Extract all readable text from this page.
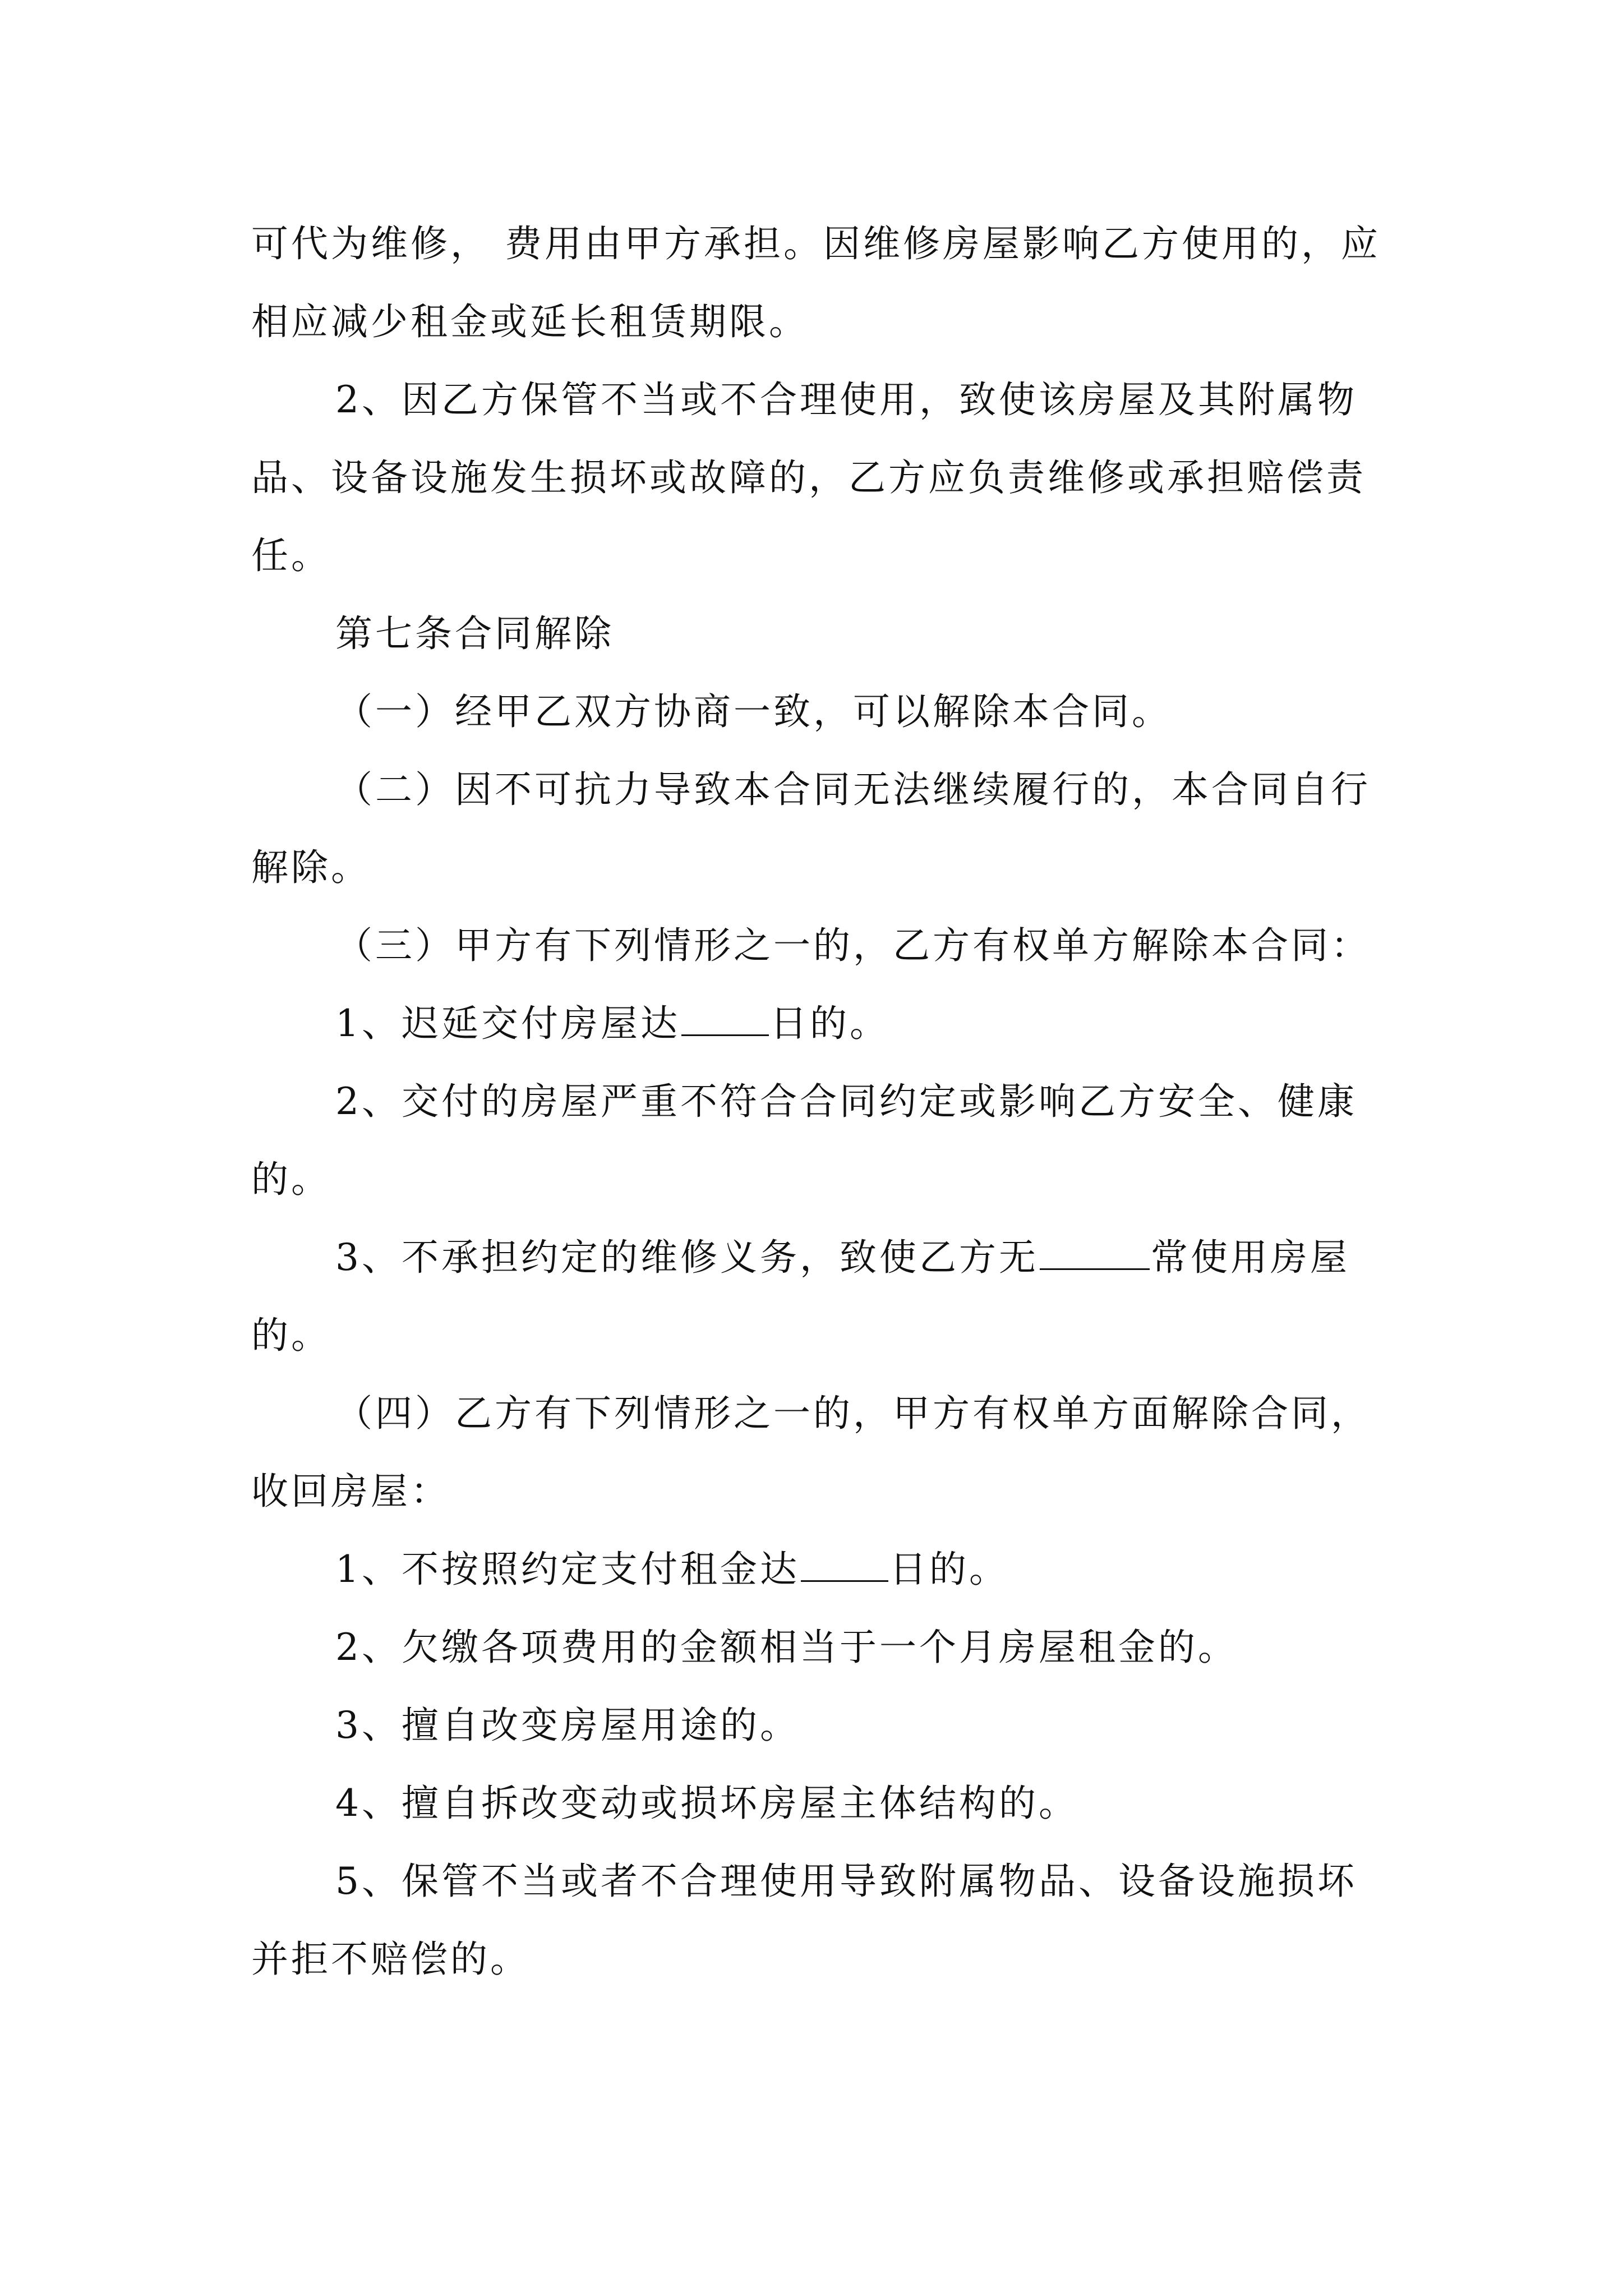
可代为维修， 费用由甲方承担。因维修房屋影响乙方使用的，应相应减少租金或延长租赁期限。

2、因乙方保管不当或不合理使用，致使该房屋及其附属物品、设备设施发生损坏或故障的，乙方应负责维修或承担赔偿责任。

第七条合同解除

（一）经甲乙双方协商一致，可以解除本合同。

（二）因不可抗力导致本合同无法继续履行的，本合同自行解除。

（三）甲方有下列情形之一的，乙方有权单方解除本合同：

1、迟延交付房屋达 日的。

2、交付的房屋严重不符合合同约定或影响乙方安全、健康的。

3、不承担约定的维修义务，致使乙方无	常使用房屋的。

（四）乙方有下列情形之一的，甲方有权单方面解除合同，收回房屋：

1、不按照约定支付租金达 日的。

2、欠缴各项费用的金额相当于一个月房屋租金的。

3、擅自改变房屋用途的。

4、擅自拆改变动或损坏房屋主体结构的。

5、保管不当或者不合理使用导致附属物品、设备设施损坏并拒不赔偿的。
